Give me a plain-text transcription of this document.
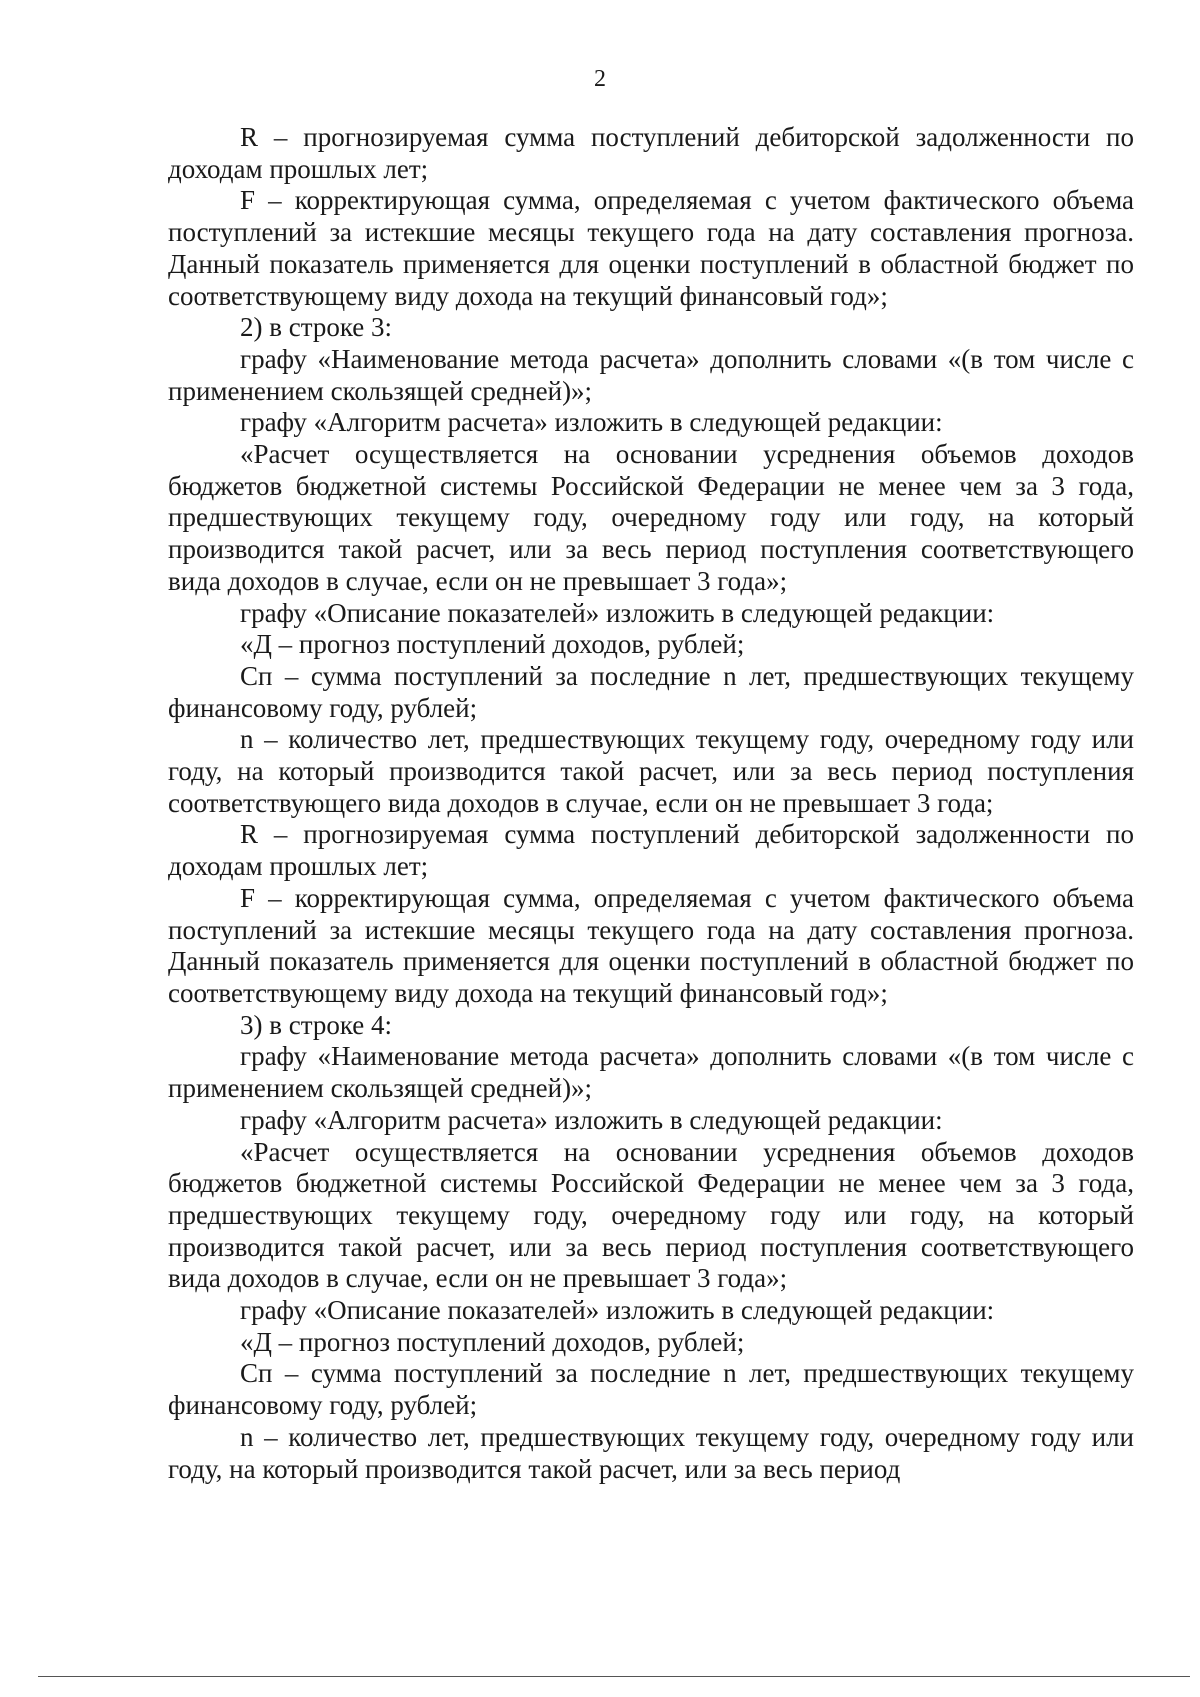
2

R – прогнозируемая сумма поступлений дебиторской задолженности по доходам прошлых лет;

F – корректирующая сумма, определяемая с учетом фактического объема поступлений за истекшие месяцы текущего года на дату составления прогноза. Данный показатель применяется для оценки поступлений в областной бюджет по соответствующему виду дохода на текущий финансовый год»;

2) в строке 3:

графу «Наименование метода расчета» дополнить словами «(в том числе с применением скользящей средней)»;

графу «Алгоритм расчета» изложить в следующей редакции:

«Расчет осуществляется на основании усреднения объемов доходов бюджетов бюджетной системы Российской Федерации не менее чем за 3 года, предшествующих текущему году, очередному году или году, на который производится такой расчет, или за весь период поступления соответствующего вида доходов в случае, если он не превышает 3 года»;

графу «Описание показателей» изложить в следующей редакции:

«Д – прогноз поступлений доходов, рублей;

Сп – сумма поступлений за последние n лет, предшествующих текущему финансовому году, рублей;

n – количество лет, предшествующих текущему году, очередному году или году, на который производится такой расчет, или за весь период поступления соответствующего вида доходов в случае, если он не превышает 3 года;

R – прогнозируемая сумма поступлений дебиторской задолженности по доходам прошлых лет;

F – корректирующая сумма, определяемая с учетом фактического объема поступлений за истекшие месяцы текущего года на дату составления прогноза. Данный показатель применяется для оценки поступлений в областной бюджет по соответствующему виду дохода на текущий финансовый год»;

3) в строке 4:

графу «Наименование метода расчета» дополнить словами «(в том числе с применением скользящей средней)»;

графу «Алгоритм расчета» изложить в следующей редакции:

«Расчет осуществляется на основании усреднения объемов доходов бюджетов бюджетной системы Российской Федерации не менее чем за 3 года, предшествующих текущему году, очередному году или году, на который производится такой расчет, или за весь период поступления соответствующего вида доходов в случае, если он не превышает 3 года»;

графу «Описание показателей» изложить в следующей редакции:

«Д – прогноз поступлений доходов, рублей;

Сп – сумма поступлений за последние n лет, предшествующих текущему финансовому году, рублей;

n – количество лет, предшествующих текущему году, очередному году или году, на который производится такой расчет, или за весь период
